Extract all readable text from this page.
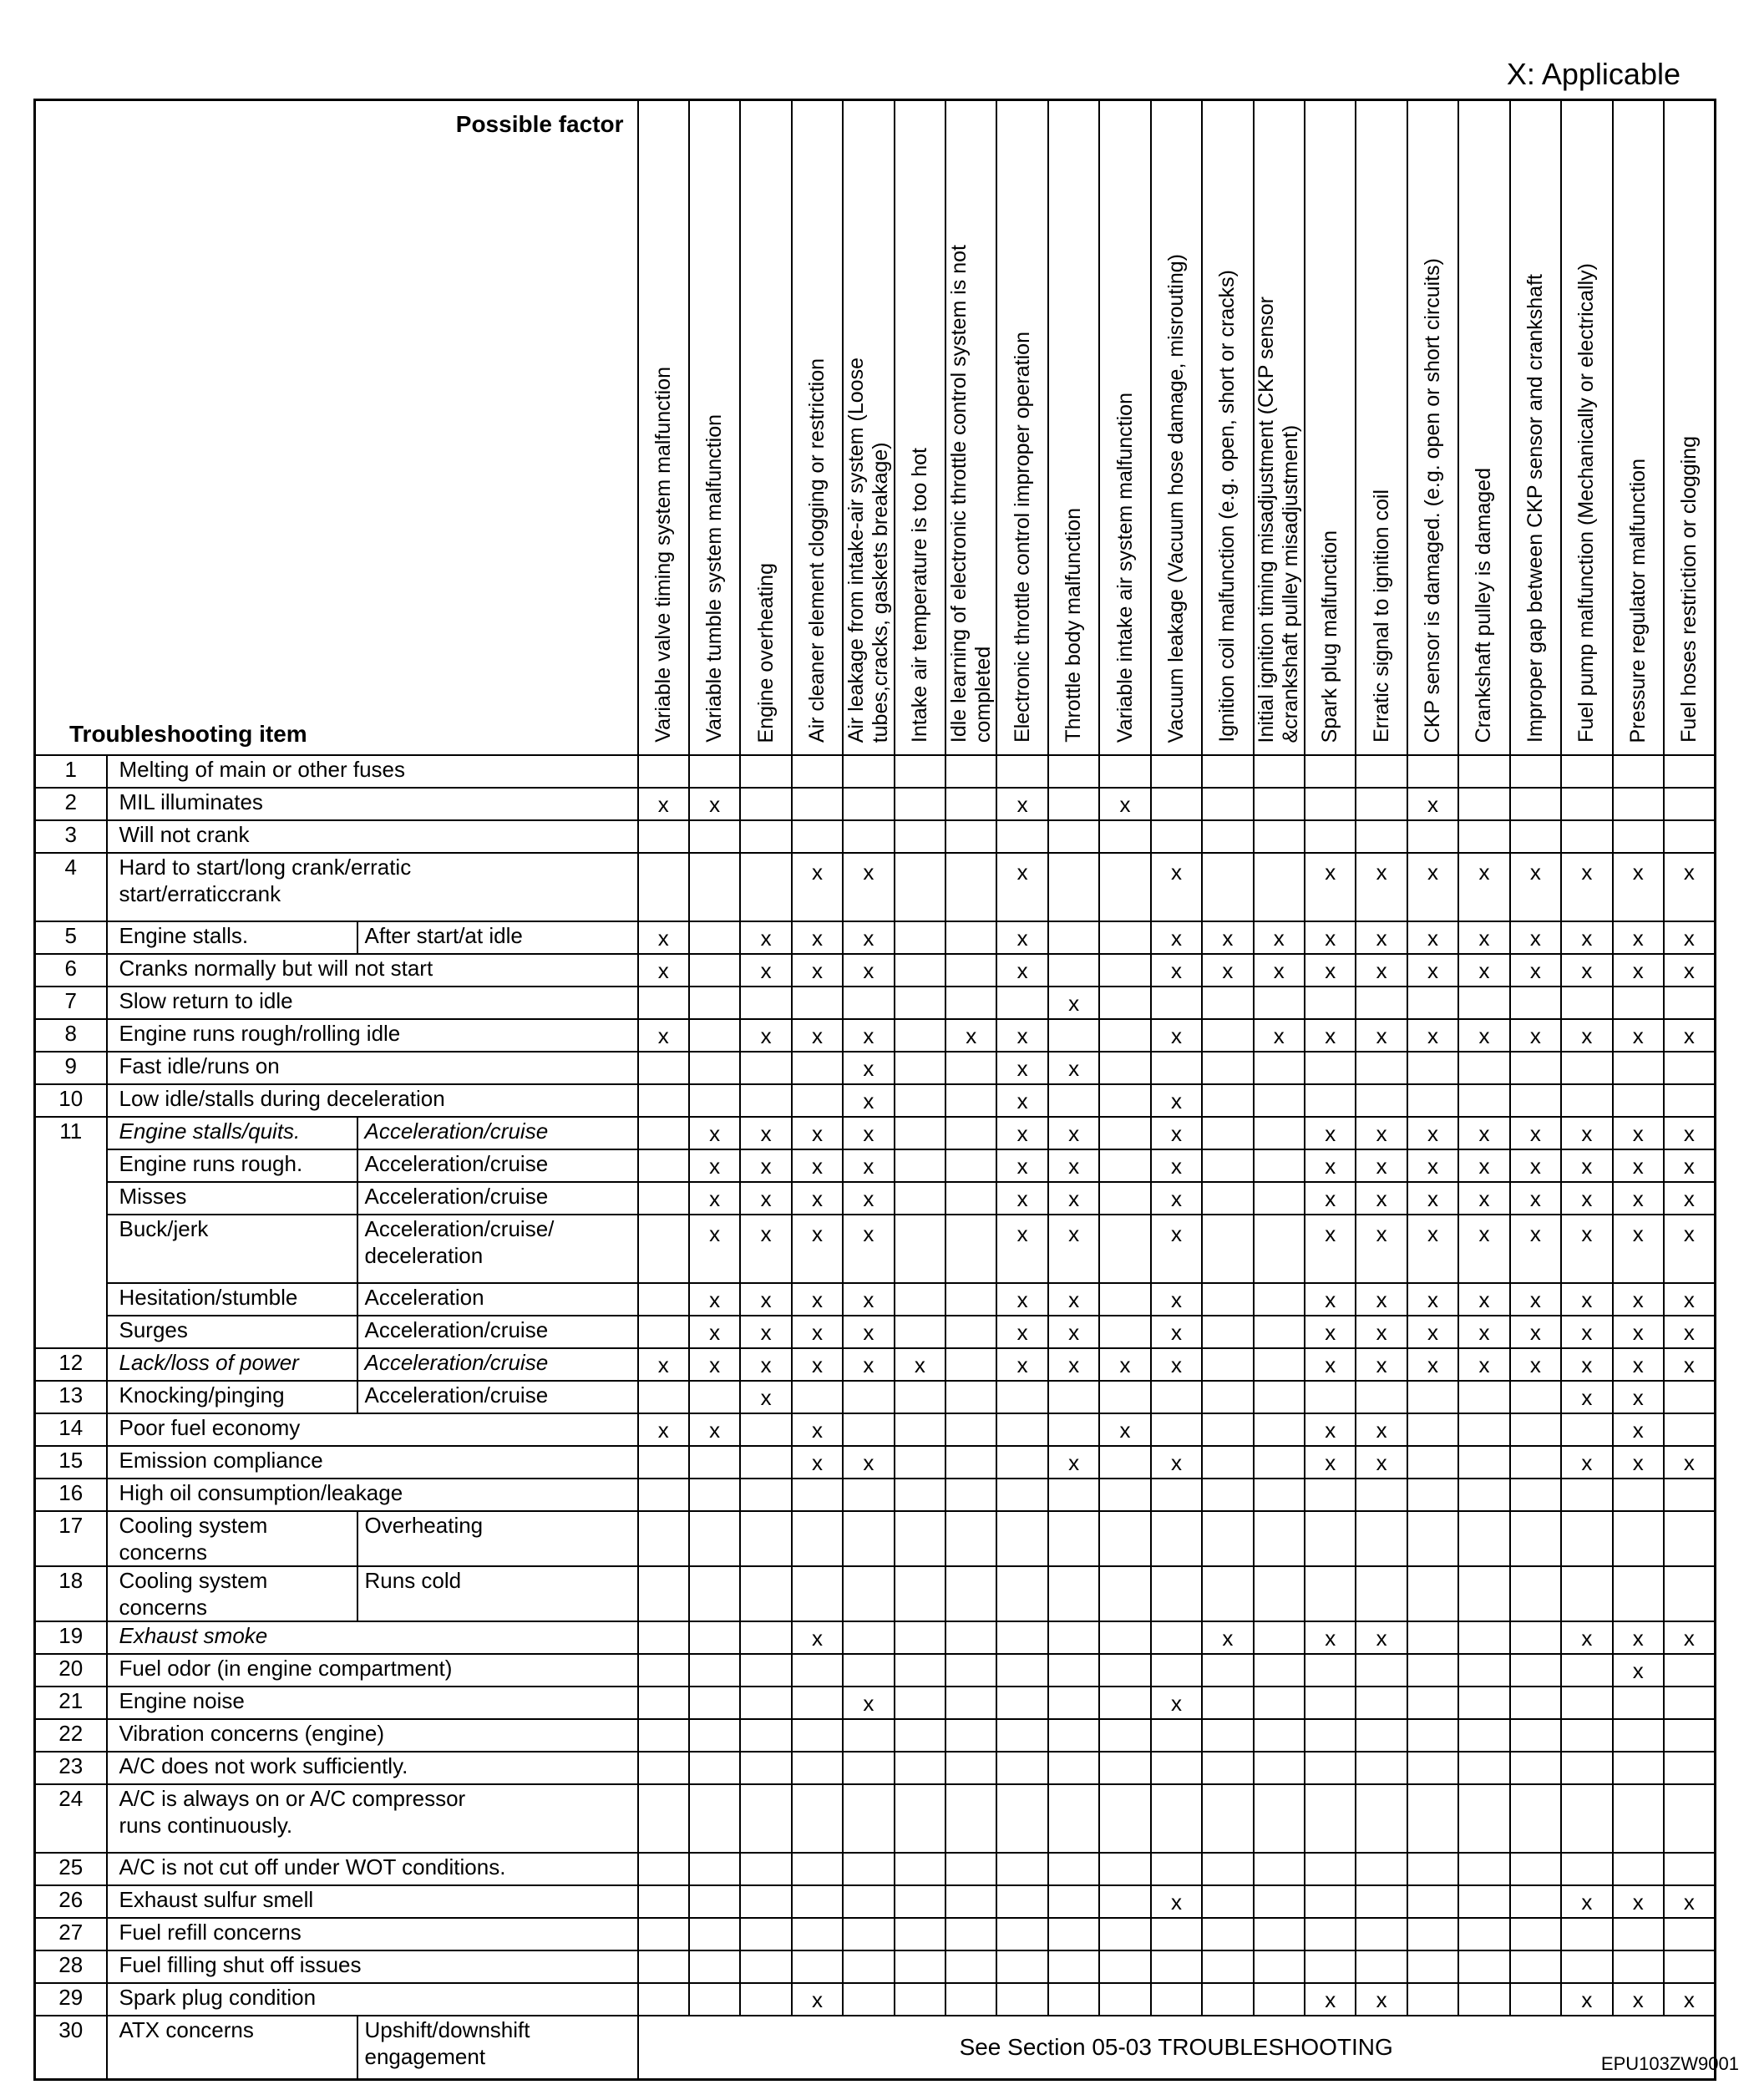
X: Applicable
Possible factor
Troubleshooting item			Variable valve timing system malfunction	Variable tumble system malfunction	Engine overheating	Air cleaner element clogging or restriction	Air leakage from intake-air system (Loose
tubes,cracks, gaskets breakage)	Intake air temperature is too hot	Idle learning of electronic throttle control system is not
completed	Electronic throttle control improper operation	Throttle body malfunction	Variable intake air system malfunction	Vacuum leakage (Vacuum hose damage, misrouting)	Ignition coil malfunction (e.g. open, short or cracks)	Initial ignition timing misadjustment (CKP sensor
&crankshaft pulley misadjustment)	Spark plug malfunction	Erratic signal to ignition coil	CKP sensor is damaged. (e.g. open or short circuits)	Crankshaft pulley is damaged	Improper gap between CKP sensor and crankshaft	Fuel pump malfunction (Mechanically or electrically)	Pressure regulator malfunction	Fuel hoses restriction or clogging

1	Melting of main or other fuses																						
2	MIL illuminates		x	x						x		x						x					
3	Will not crank																						
4	Hard to start/long crank/erratic
start/erraticcrank					x	x			x			x			x	x	x	x	x	x	x	x
5	Engine stalls.	After start/at idle	x		x	x	x			x			x	x	x	x	x	x	x	x	x	x	x
6	Cranks normally but will not start		x		x	x	x			x			x	x	x	x	x	x	x	x	x	x	x
7	Slow return to idle										x												
8	Engine runs rough/rolling idle		x		x	x	x		x	x			x		x	x	x	x	x	x	x	x	x
9	Fast idle/runs on						x			x	x												
10	Low idle/stalls during deceleration						x			x			x										
11	Engine stalls/quits.	Acceleration/cruise		x	x	x	x			x	x		x			x	x	x	x	x	x	x	x
	Engine runs rough.	Acceleration/cruise		x	x	x	x			x	x		x			x	x	x	x	x	x	x	x
	Misses	Acceleration/cruise		x	x	x	x			x	x		x			x	x	x	x	x	x	x	x
	Buck/jerk	Acceleration/cruise/
deceleration		x	x	x	x			x	x		x			x	x	x	x	x	x	x	x
	Hesitation/stumble	Acceleration		x	x	x	x			x	x		x			x	x	x	x	x	x	x	x
	Surges	Acceleration/cruise		x	x	x	x			x	x		x			x	x	x	x	x	x	x	x
12	Lack/loss of power	Acceleration/cruise	x	x	x	x	x	x		x	x	x	x			x	x	x	x	x	x	x	x
13	Knocking/pinging	Acceleration/cruise			x																x	x	
14	Poor fuel economy		x	x		x						x				x	x					x	
15	Emission compliance					x	x				x		x			x	x				x	x	x
16	High oil consumption/leakage																						
17	Cooling system concerns	Overheating																					
18	Cooling system concerns	Runs cold																					
19	Exhaust smoke					x								x		x	x				x	x	x
20	Fuel odor (in engine compartment)																					x	
21	Engine noise						x						x										
22	Vibration concerns (engine)																						
23	A/C does not work sufficiently.																						
24	A/C is always on or A/C compressor
runs continuously.																						
25	A/C is not cut off under WOT conditions.																						
26	Exhaust sulfur smell												x								x	x	x
27	Fuel refill concerns																						
28	Fuel filling shut off issues																						
29	Spark plug condition					x										x	x				x	x	x
30	ATX concerns	Upshift/downshift
engagement	See Section 05-03 TROUBLESHOOTING																				
EPU103ZW9001
